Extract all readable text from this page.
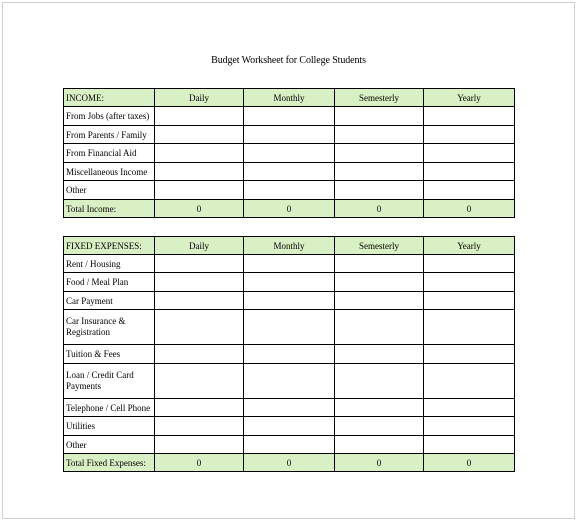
Budget Worksheet for College Students
INCOME:	Daily	Monthly	Semesterly	Yearly
From Jobs (after taxes)				
From Parents / Family				
From Financial Aid				
Miscellaneous Income				
Other				
Total Income:	0	0	0	0
FIXED EXPENSES:	Daily	Monthly	Semesterly	Yearly
Rent / Housing				
Food / Meal Plan				
Car Payment				
Car Insurance & Registration				
Tuition & Fees				
Loan / Credit Card Payments				
Telephone / Cell Phone				
Utilities				
Other				
Total Fixed Expenses:	0	0	0	0
